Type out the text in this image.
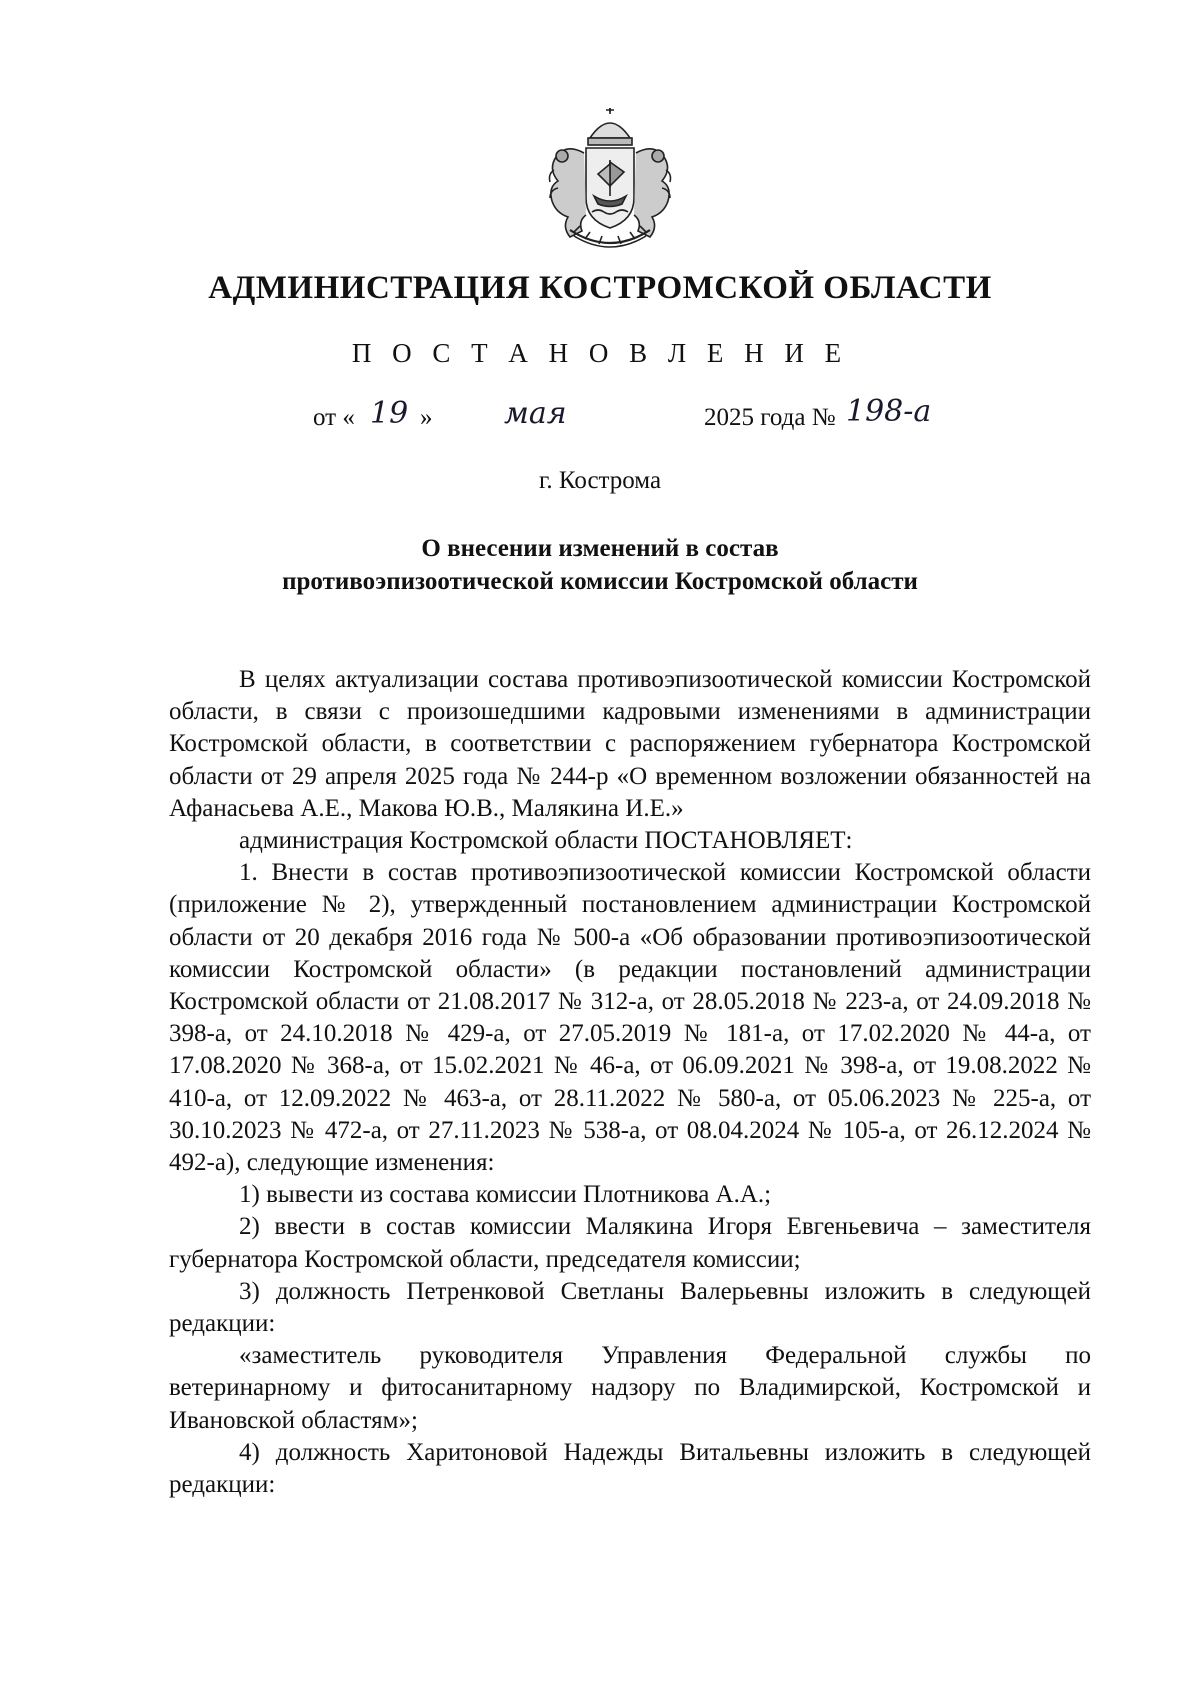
АДМИНИСТРАЦИЯ КОСТРОМСКОЙ ОБЛАСТИ
П О С Т А Н О В Л Е Н И Е
от « 19 » мая	2025 года № 198-а
г. Кострома
О внесении изменений в состав
противоэпизоотической комиссии Костромской области

В целях актуализации состава противоэпизоотической комиссии Костромской области, в связи с произошедшими кадровыми изменениями в администрации Костромской области, в соответствии с распоряжением губернатора Костромской области от 29 апреля 2025 года № 244-р «О временном возложении обязанностей на Афанасьева А.Е., Макова Ю.В., Малякина И.Е.»

администрация Костромской области ПОСТАНОВЛЯЕТ:

1. Внести в состав противоэпизоотической комиссии Костромской области (приложение № 2), утвержденный постановлением администрации Костромской области от 20 декабря 2016 года № 500-а «Об образовании противоэпизоотической комиссии Костромской области» (в редакции постановлений администрации Костромской области от 21.08.2017 № 312-а, от 28.05.2018 № 223-а, от 24.09.2018 № 398-а, от 24.10.2018 № 429-а, от 27.05.2019 № 181-а, от 17.02.2020 № 44-а, от 17.08.2020 № 368-а, от 15.02.2021 № 46-а, от 06.09.2021 № 398-а, от 19.08.2022 № 410-а, от 12.09.2022 № 463-а, от 28.11.2022 № 580-а, от 05.06.2023 № 225-а, от 30.10.2023 № 472-а, от 27.11.2023 № 538-а, от 08.04.2024 № 105-а, от 26.12.2024 № 492-а), следующие изменения:

1) вывести из состава комиссии Плотникова А.А.;

2) ввести в состав комиссии Малякина Игоря Евгеньевича – заместителя губернатора Костромской области, председателя комиссии;

3) должность Петренковой Светланы Валерьевны изложить в следующей редакции:

«заместитель руководителя Управления Федеральной службы по ветеринарному и фитосанитарному надзору по Владимирской, Костромской и Ивановской областям»;

4) должность Харитоновой Надежды Витальевны изложить в следующей редакции:
